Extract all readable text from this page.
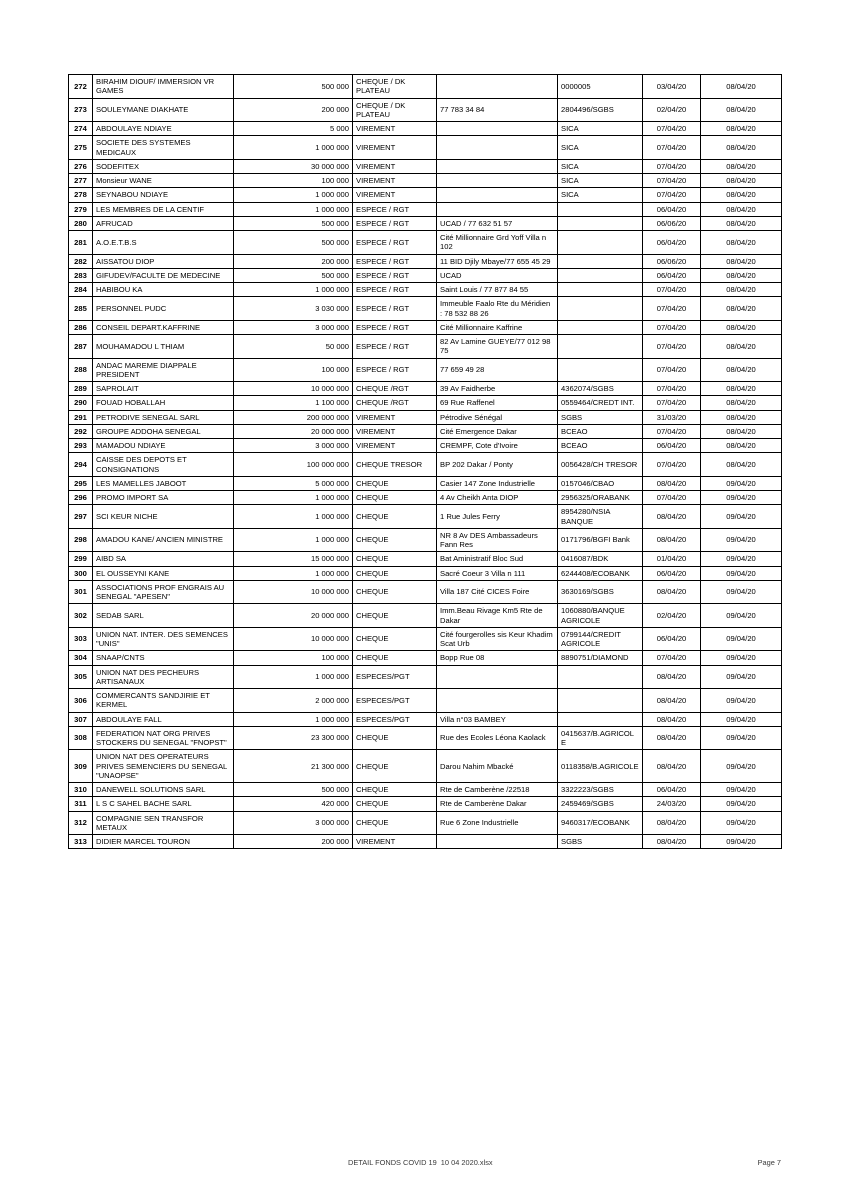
272	BIRAHIM DIOUF/ IMMERSION VR GAMES	500 000	CHEQUE / DK PLATEAU		0000005	03/04/20	08/04/20
273	SOULEYMANE DIAKHATE	200 000	CHEQUE / DK PLATEAU	77 783 34 84	2804496/SGBS	02/04/20	08/04/20
274	ABDOULAYE NDIAYE	5 000	VIREMENT		SICA	07/04/20	08/04/20
275	SOCIETE DES SYSTEMES MEDICAUX	1 000 000	VIREMENT		SICA	07/04/20	08/04/20
276	SODEFITEX	30 000 000	VIREMENT		SICA	07/04/20	08/04/20
277	Monsieur WANE	100 000	VIREMENT		SICA	07/04/20	08/04/20
278	SEYNABOU NDIAYE	1 000 000	VIREMENT		SICA	07/04/20	08/04/20
279	LES MEMBRES DE LA CENTIF	1 000 000	ESPECE / RGT			06/04/20	08/04/20
280	AFRUCAD	500 000	ESPECE / RGT	UCAD / 77 632 51 57		06/06/20	08/04/20
281	A.O.E.T.B.S	500 000	ESPECE / RGT	Cité Millionnaire Grd Yoff Villa n 102		06/04/20	08/04/20
282	AISSATOU DIOP	200 000	ESPECE / RGT	11 BID Djily Mbaye/77 655 45 29		06/06/20	08/04/20
283	GIFUDEV/FACULTE DE MEDECINE	500 000	ESPECE / RGT	UCAD		06/04/20	08/04/20
284	HABIBOU KA	1 000 000	ESPECE / RGT	Saint Louis / 77 877 84 55		07/04/20	08/04/20
285	PERSONNEL PUDC	3 030 000	ESPECE / RGT	Immeuble Faalo Rte du Méridien : 78 532 88 26		07/04/20	08/04/20
286	CONSEIL DEPART.KAFFRINE	3 000 000	ESPECE / RGT	Cité Millionnaire Kaffrine		07/04/20	08/04/20
287	MOUHAMADOU L THIAM	50 000	ESPECE / RGT	82 Av Lamine GUEYE/77 012 98 75		07/04/20	08/04/20
288	ANDAC MAREME DIAPPALE PRESIDENT	100 000	ESPECE / RGT	77 659 49 28		07/04/20	08/04/20
289	SAPROLAIT	10 000 000	CHEQUE /RGT	39 Av Faidherbe	4362074/SGBS	07/04/20	08/04/20
290	FOUAD HOBALLAH	1 100 000	CHEQUE /RGT	69 Rue Raffenel	0559464/CREDT INT.	07/04/20	08/04/20
291	PETRODIVE SENEGAL SARL	200 000 000	VIREMENT	Pétrodive Sénégal	SGBS	31/03/20	08/04/20
292	GROUPE ADDOHA SENEGAL	20 000 000	VIREMENT	Cité Emergence Dakar	BCEAO	07/04/20	08/04/20
293	MAMADOU NDIAYE	3 000 000	VIREMENT	CREMPF, Cote d'Ivoire	BCEAO	06/04/20	08/04/20
294	CAISSE DES DEPOTS ET CONSIGNATIONS	100 000 000	CHEQUE TRESOR	BP 202 Dakar / Ponty	0056428/CH TRESOR	07/04/20	08/04/20
295	LES MAMELLES JABOOT	5 000 000	CHEQUE	Casier 147 Zone Industrielle	0157046/CBAO	08/04/20	09/04/20
296	PROMO IMPORT SA	1 000 000	CHEQUE	4 Av Cheikh Anta DIOP	2956325/ORABANK	07/04/20	09/04/20
297	SCI KEUR NICHE	1 000 000	CHEQUE	1 Rue Jules Ferry	8954280/NSIA BANQUE	08/04/20	09/04/20
298	AMADOU KANE/ ANCIEN MINISTRE	1 000 000	CHEQUE	NR 8 Av DES Ambassadeurs Fann Res	0171796/BGFI Bank	08/04/20	09/04/20
299	AIBD SA	15 000 000	CHEQUE	Bat Aministratif Bloc Sud	0416087/BDK	01/04/20	09/04/20
300	EL OUSSEYNI KANE	1 000 000	CHEQUE	Sacré Coeur 3 Villa n 111	6244408/ECOBANK	06/04/20	09/04/20
301	ASSOCIATIONS PROF ENGRAIS AU SENEGAL "APESEN"	10 000 000	CHEQUE	Villa 187 Cité CICES Foire	3630169/SGBS	08/04/20	09/04/20
302	SEDAB SARL	20 000 000	CHEQUE	Imm.Beau Rivage Km5 Rte de Dakar	1060880/BANQUE AGRICOLE	02/04/20	09/04/20
303	UNION NAT. INTER. DES SEMENCES "UNIS"	10 000 000	CHEQUE	Cité fourgerolles sis Keur Khadim Scat Urb	0799144/CREDIT AGRICOLE	06/04/20	09/04/20
304	SNAAP/CNTS	100 000	CHEQUE	Bopp Rue 08	8890751/DIAMOND	07/04/20	09/04/20
305	UNION NAT DES PECHEURS ARTISANAUX	1 000 000	ESPECES/PGT			08/04/20	09/04/20
306	COMMERCANTS SANDJIRIE ET KERMEL	2 000 000	ESPECES/PGT			08/04/20	09/04/20
307	ABDOULAYE FALL	1 000 000	ESPECES/PGT	Villa n°03 BAMBEY		08/04/20	09/04/20
308	FEDERATION NAT ORG PRIVES STOCKERS DU SENEGAL "FNOPST"	23 300 000	CHEQUE	Rue des Ecoles Léona Kaolack	0415637/B.AGRICOLE	08/04/20	09/04/20
309	UNION NAT DES OPERATEURS PRIVES SEMENCIERS DU SENEGAL "UNAOPSE"	21 300 000	CHEQUE	Darou Nahim Mbacké	0118358/B.AGRICOLE	08/04/20	09/04/20
310	DANEWELL SOLUTIONS SARL	500 000	CHEQUE	Rte de Camberène /22518	3322223/SGBS	06/04/20	09/04/20
311	L S C SAHEL BACHE SARL	420 000	CHEQUE	Rte de Camberène Dakar	2459469/SGBS	24/03/20	09/04/20
312	COMPAGNIE SEN TRANSFOR METAUX	3 000 000	CHEQUE	Rue 6 Zone Industrielle	9460317/ECOBANK	08/04/20	09/04/20
313	DIDIER MARCEL TOURON	200 000	VIREMENT		SGBS	08/04/20	09/04/20
DETAIL FONDS COVID 19  10 04 2020.xlsx	Page 7
